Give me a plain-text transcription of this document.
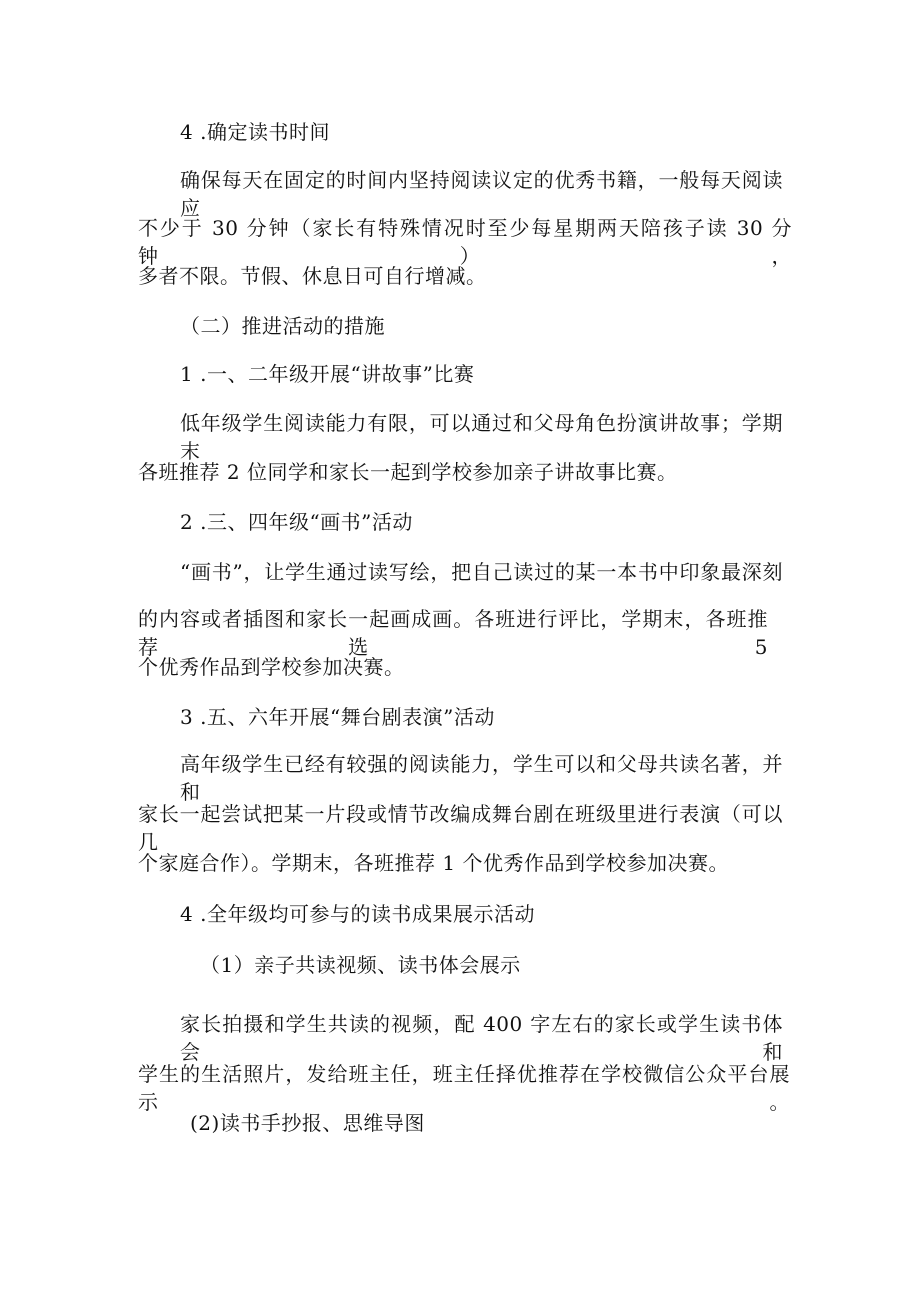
4 .确定读书时间
确保每天在固定的时间内坚持阅读议定的优秀书籍，一般每天阅读应
不少于 30 分钟（家长有特殊情况时至少每星期两天陪孩子读 30 分钟），
多者不限。节假、休息日可自行增减。
（二）推进活动的措施
1 .一、二年级开展“讲故事”比赛
低年级学生阅读能力有限，可以通过和父母角色扮演讲故事；学期末
各班推荐 2 位同学和家长一起到学校参加亲子讲故事比赛。
2 .三、四年级“画书”活动
“画书”，让学生通过读写绘，把自己读过的某一本书中印象最深刻
的内容或者插图和家长一起画成画。各班进行评比，学期末，各班推荐选 5
个优秀作品到学校参加决赛。
3 .五、六年开展“舞台剧表演”活动
高年级学生已经有较强的阅读能力，学生可以和父母共读名著，并和
家长一起尝试把某一片段或情节改编成舞台剧在班级里进行表演（可以几
个家庭合作）。学期末，各班推荐 1 个优秀作品到学校参加决赛。
4 .全年级均可参与的读书成果展示活动
（1）亲子共读视频、读书体会展示
家长拍摄和学生共读的视频，配 400 字左右的家长或学生读书体会和
学生的生活照片，发给班主任，班主任择优推荐在学校微信公众平台展示。
(2)读书手抄报、思维导图
